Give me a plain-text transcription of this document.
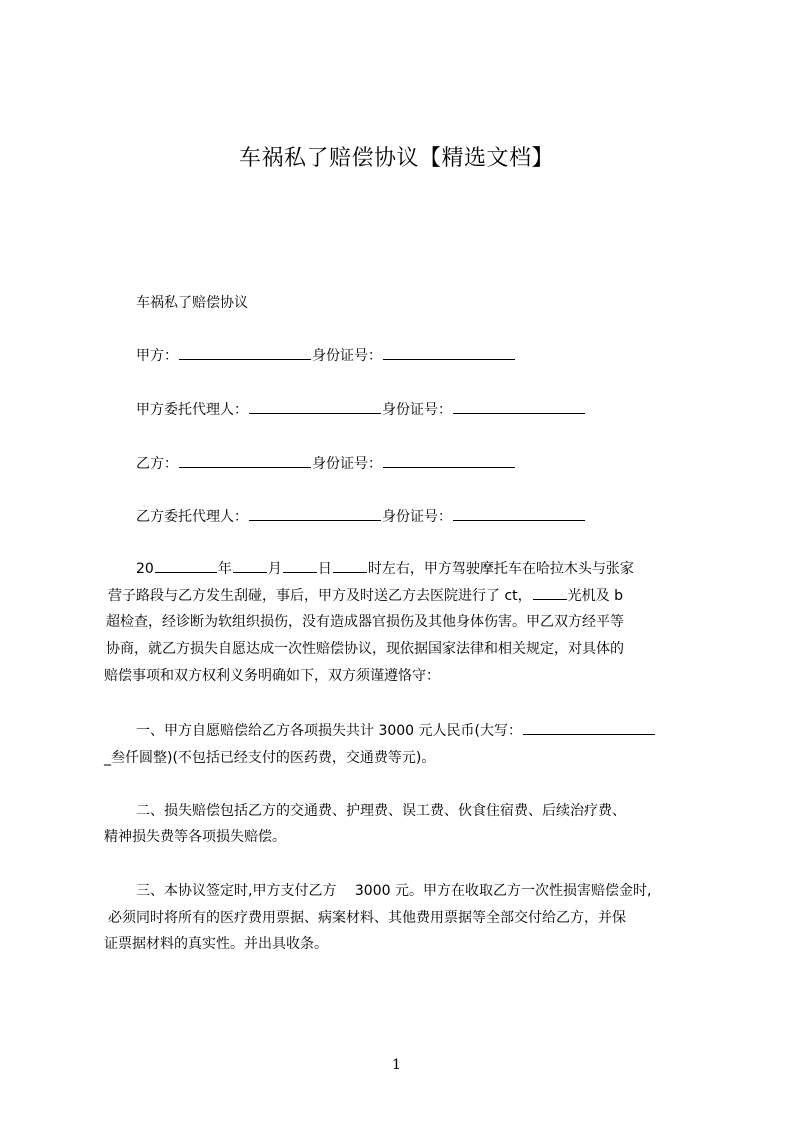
车祸私了赔偿协议【精选文档】
车祸私了赔偿协议
甲方：	身份证号：
甲方委托代理人：	身份证号：
乙方：	身份证号：
乙方委托代理人：	身份证号：
20	年	月	日	时左右，甲方驾驶摩托车在哈拉木头与张家
营子路段与乙方发生刮碰，事后，甲方及时送乙方去医院进行了 ct，	光机及 b
超检查，经诊断为软组织损伤，没有造成器官损伤及其他身体伤害。甲乙双方经平等
协商，就乙方损失自愿达成一次性赔偿协议，现依据国家法律和相关规定，对具体的
赔偿事项和双方权利义务明确如下，双方须谨遵恪守：
一、甲方自愿赔偿给乙方各项损失共计 3000 元人民币(大写：
_叁仟圆整)(不包括已经支付的医药费，交通费等元)。
二、损失赔偿包括乙方的交通费、护理费、误工费、伙食住宿费、后续治疗费、
精神损失费等各项损失赔偿。
三、本协议签定时,甲方支付乙方　 3000 元。甲方在收取乙方一次性损害赔偿金时,
必须同时将所有的医疗费用票据、病案材料、其他费用票据等全部交付给乙方，并保
证票据材料的真实性。并出具收条。
1
